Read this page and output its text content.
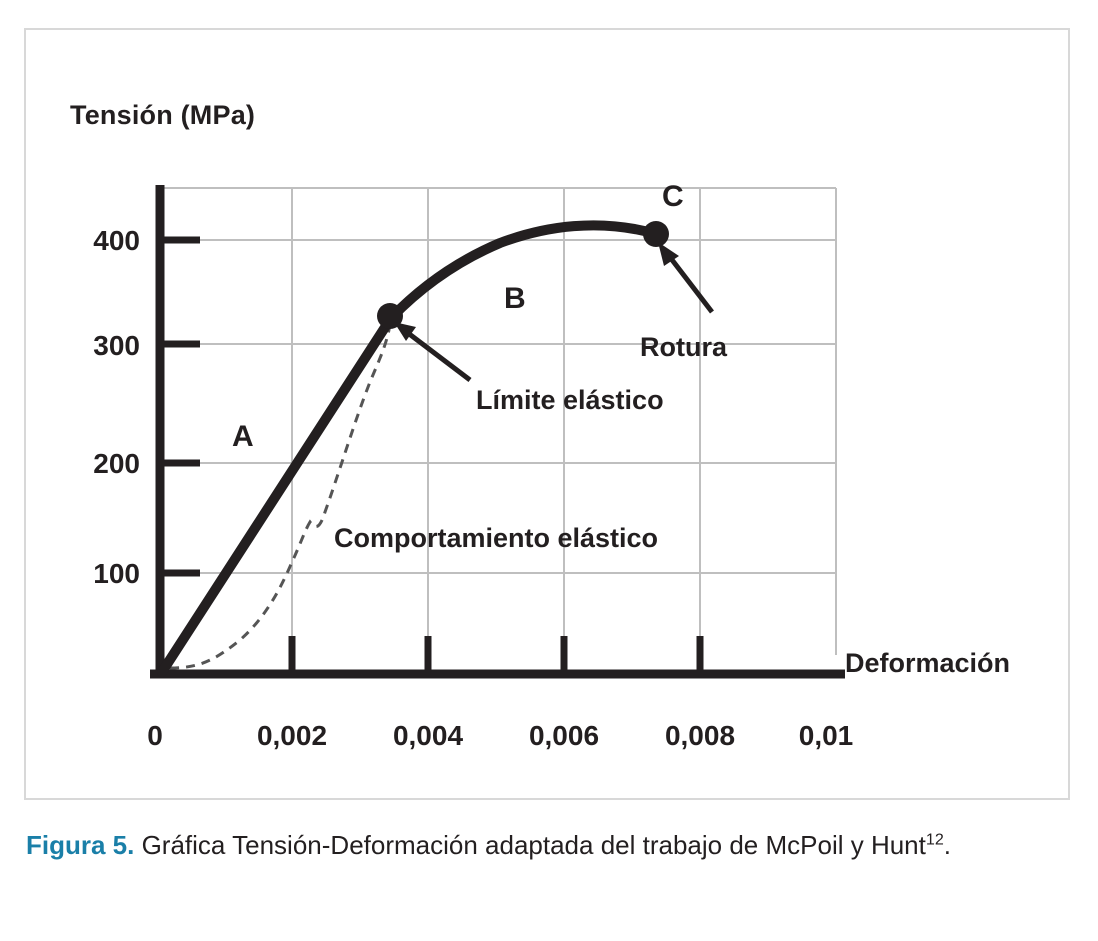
Tensión (MPa)
Deformación
400
300
200
100
0	0,002 0,004 0,006 0,008 0,01
A
B
C
Límite elástico
Rotura
Comportamiento elástico
Figura 5. Gráfica Tensión-Deformación adaptada del trabajo de McPoil y Hunt$^{12}$.
